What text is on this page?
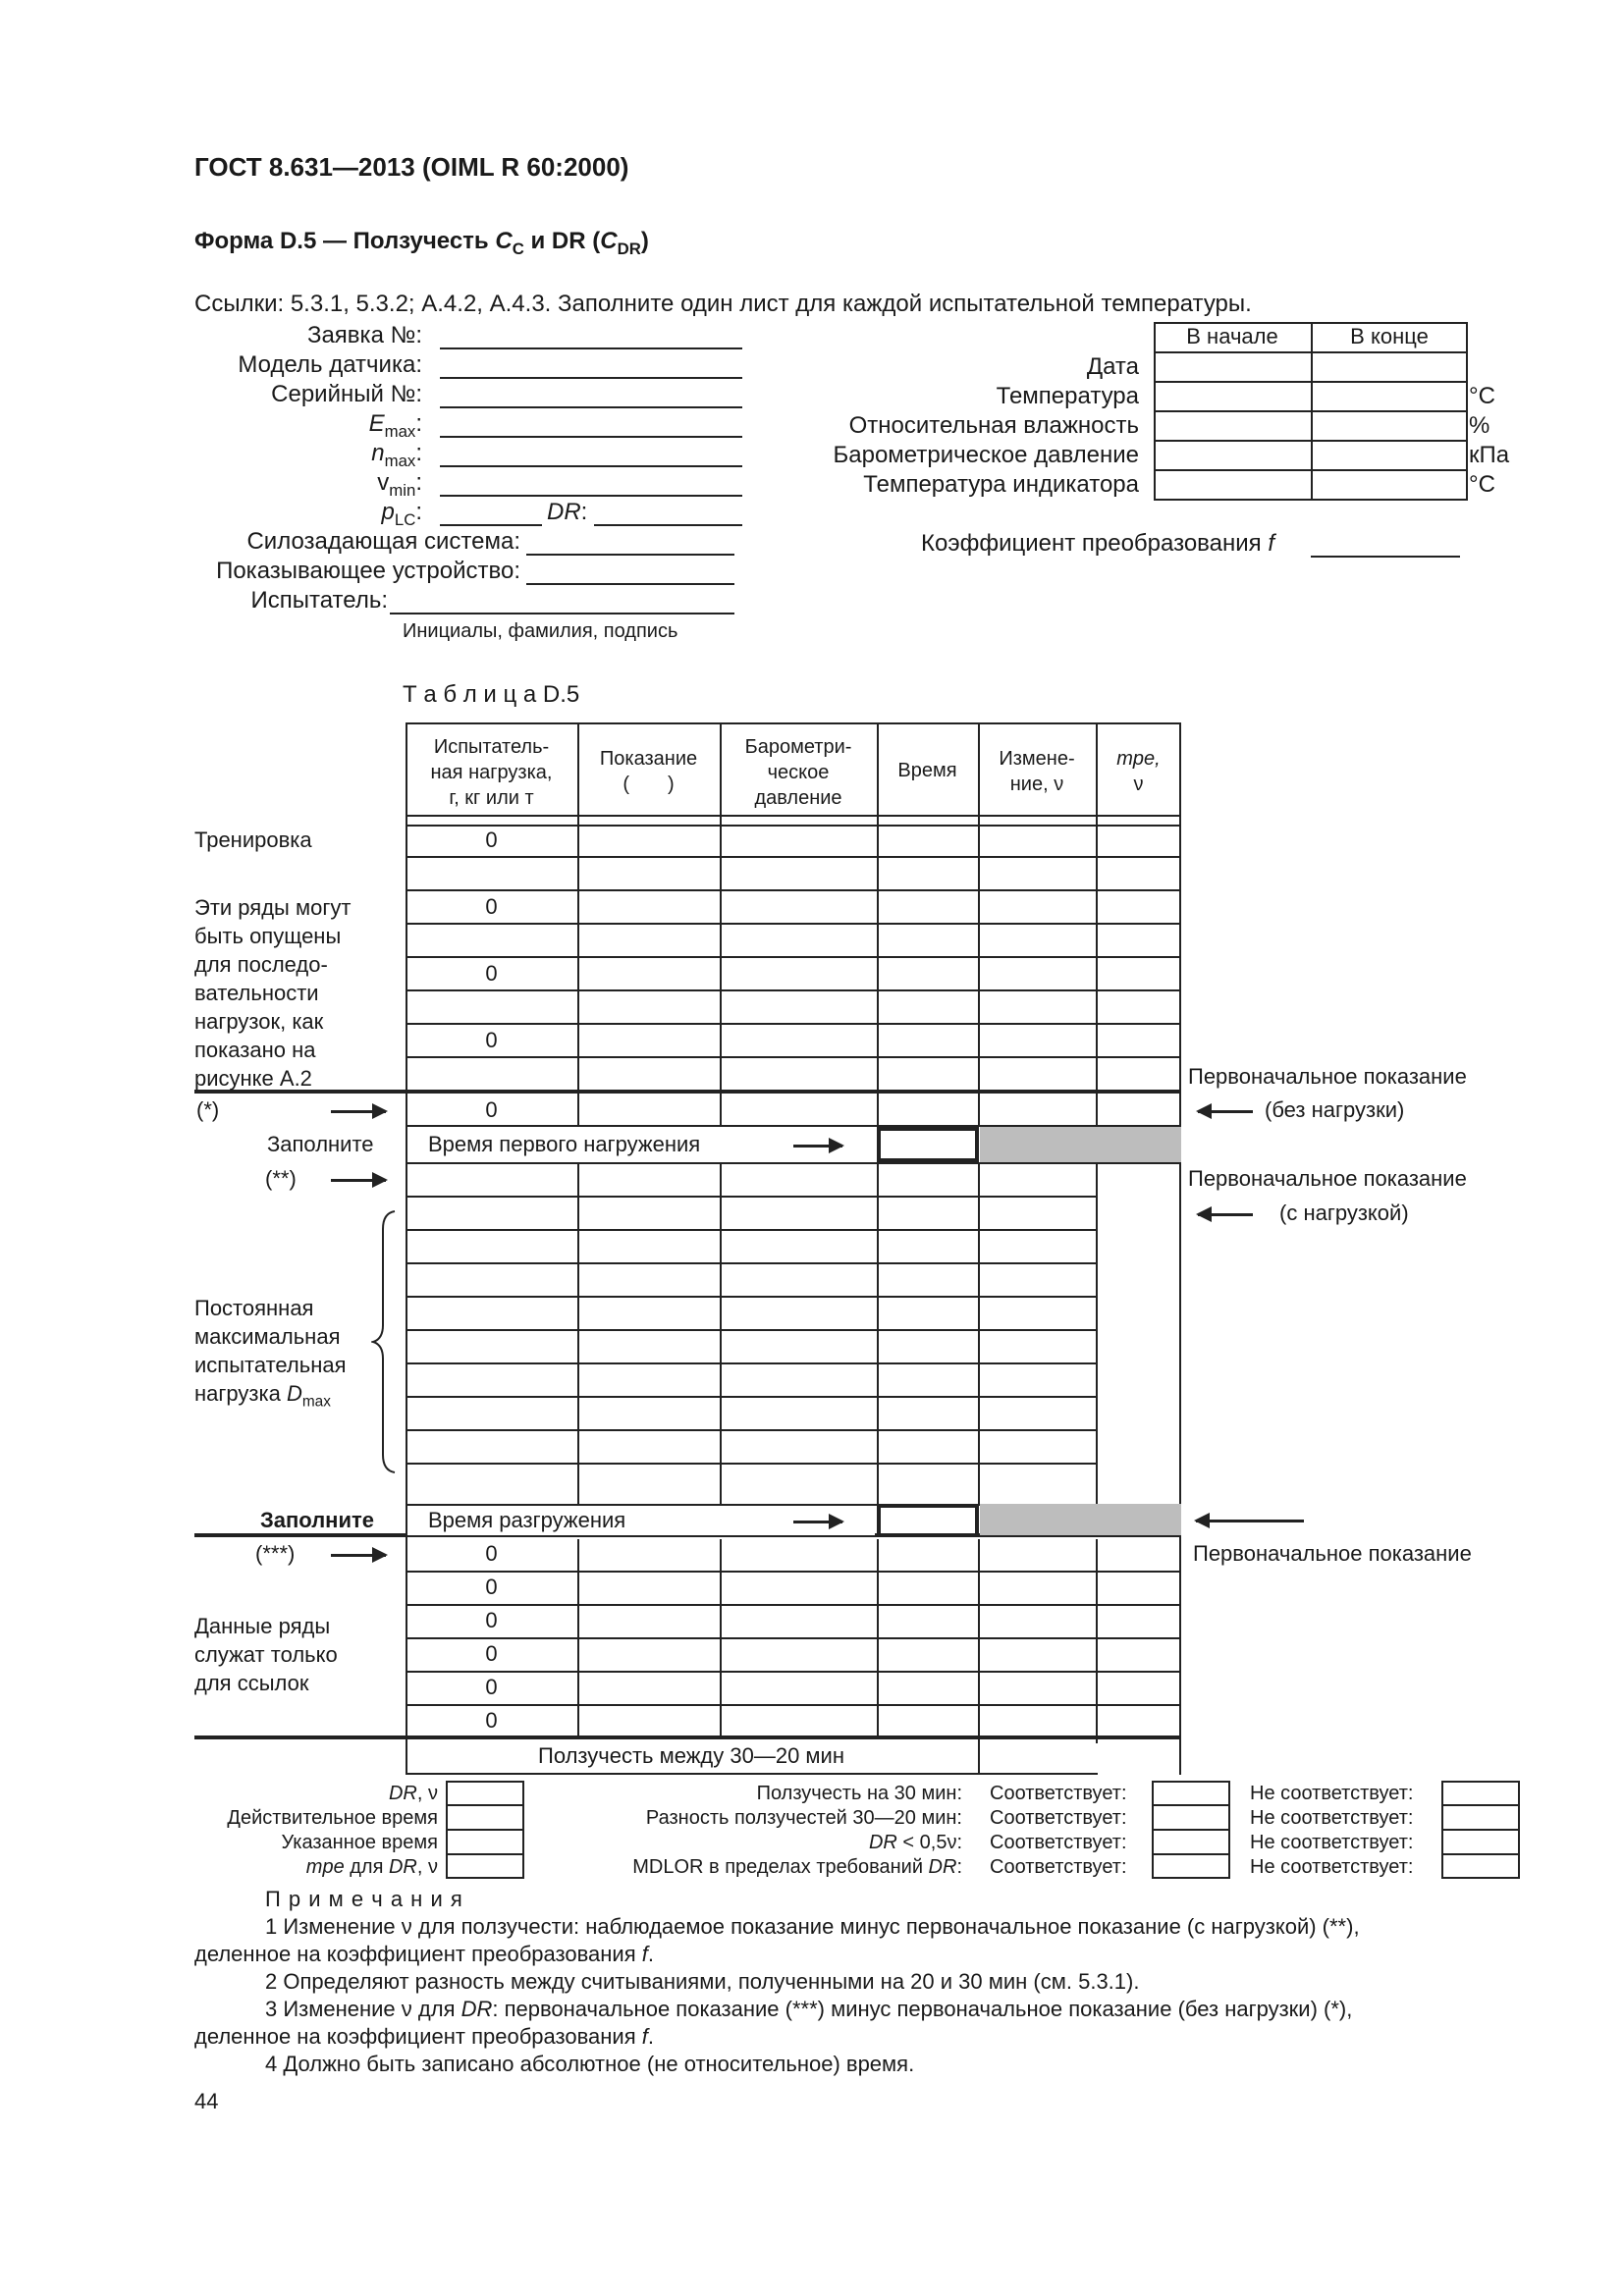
ГОСТ 8.631—2013 (OIML R 60:2000)
Форма D.5 — Ползучесть $C_C$ и DR $(C_{DR})$
Ссылки: 5.3.1, 5.3.2; А.4.2, А.4.3. Заполните один лист для каждой испытательной температуры.
Заявка №:
Модель датчика:
Серийный №:
$E_{max}$:
$n_{max}$:
$v_{min}$:
$p_{LC}$:	DR:
Силозадающая система:
Показывающее устройство:
Испытатель:
Инициалы, фамилия, подпись
В начале	В конце
Дата
Температура
Относительная влажность
Барометрическое давление
Температура индикатора
°С
%
кПа
°С
Коэффициент преобразования f
Т а б л и ц а D.5
Испытатель-
ная нагрузка,
г, кг или т
Показание
(       )
Барометри-
ческое
давление
Время
Измене-
ние, ν
mpe,
ν
0
0
0
0
0
0
0
0
0
0
0
Время первого нагружения
Время разгружения
Ползучесть между 30—20 мин
Тренировка
Эти ряды могут
быть опущены
для последо-
вательности
нагрузок, как
показано на
рисунке А.2
(*)
Заполните
(**)
Постоянная
максимальная
испытательная
нагрузка $D_{max}$
Заполните
(***)
Данные ряды
служат только
для ссылок
Первоначальное показание
(без нагрузки)
Первоначальное показание
(с нагрузкой)
Первоначальное показание
DR, ν
Действительное время
Указанное время
mpe для DR, ν
Ползучесть на 30 мин:
Разность ползучестей 30—20 мин:
DR < 0,5ν:
MDLOR в пределах требований DR:
Соответствует:
Соответствует:
Соответствует:
Соответствует:
Не соответствует:
Не соответствует:
Не соответствует:
Не соответствует:
П р и м е ч а н и я
1 Изменение ν для ползучести: наблюдаемое показание минус первоначальное показание (с нагрузкой) (**),
деленное на коэффициент преобразования f.
2 Определяют разность между считываниями, полученными на 20 и 30 мин (см. 5.3.1).
3 Изменение ν для DR: первоначальное показание (***) минус первоначальное показание (без нагрузки) (*),
деленное на коэффициент преобразования f.
4 Должно быть записано абсолютное (не относительное) время.
44
